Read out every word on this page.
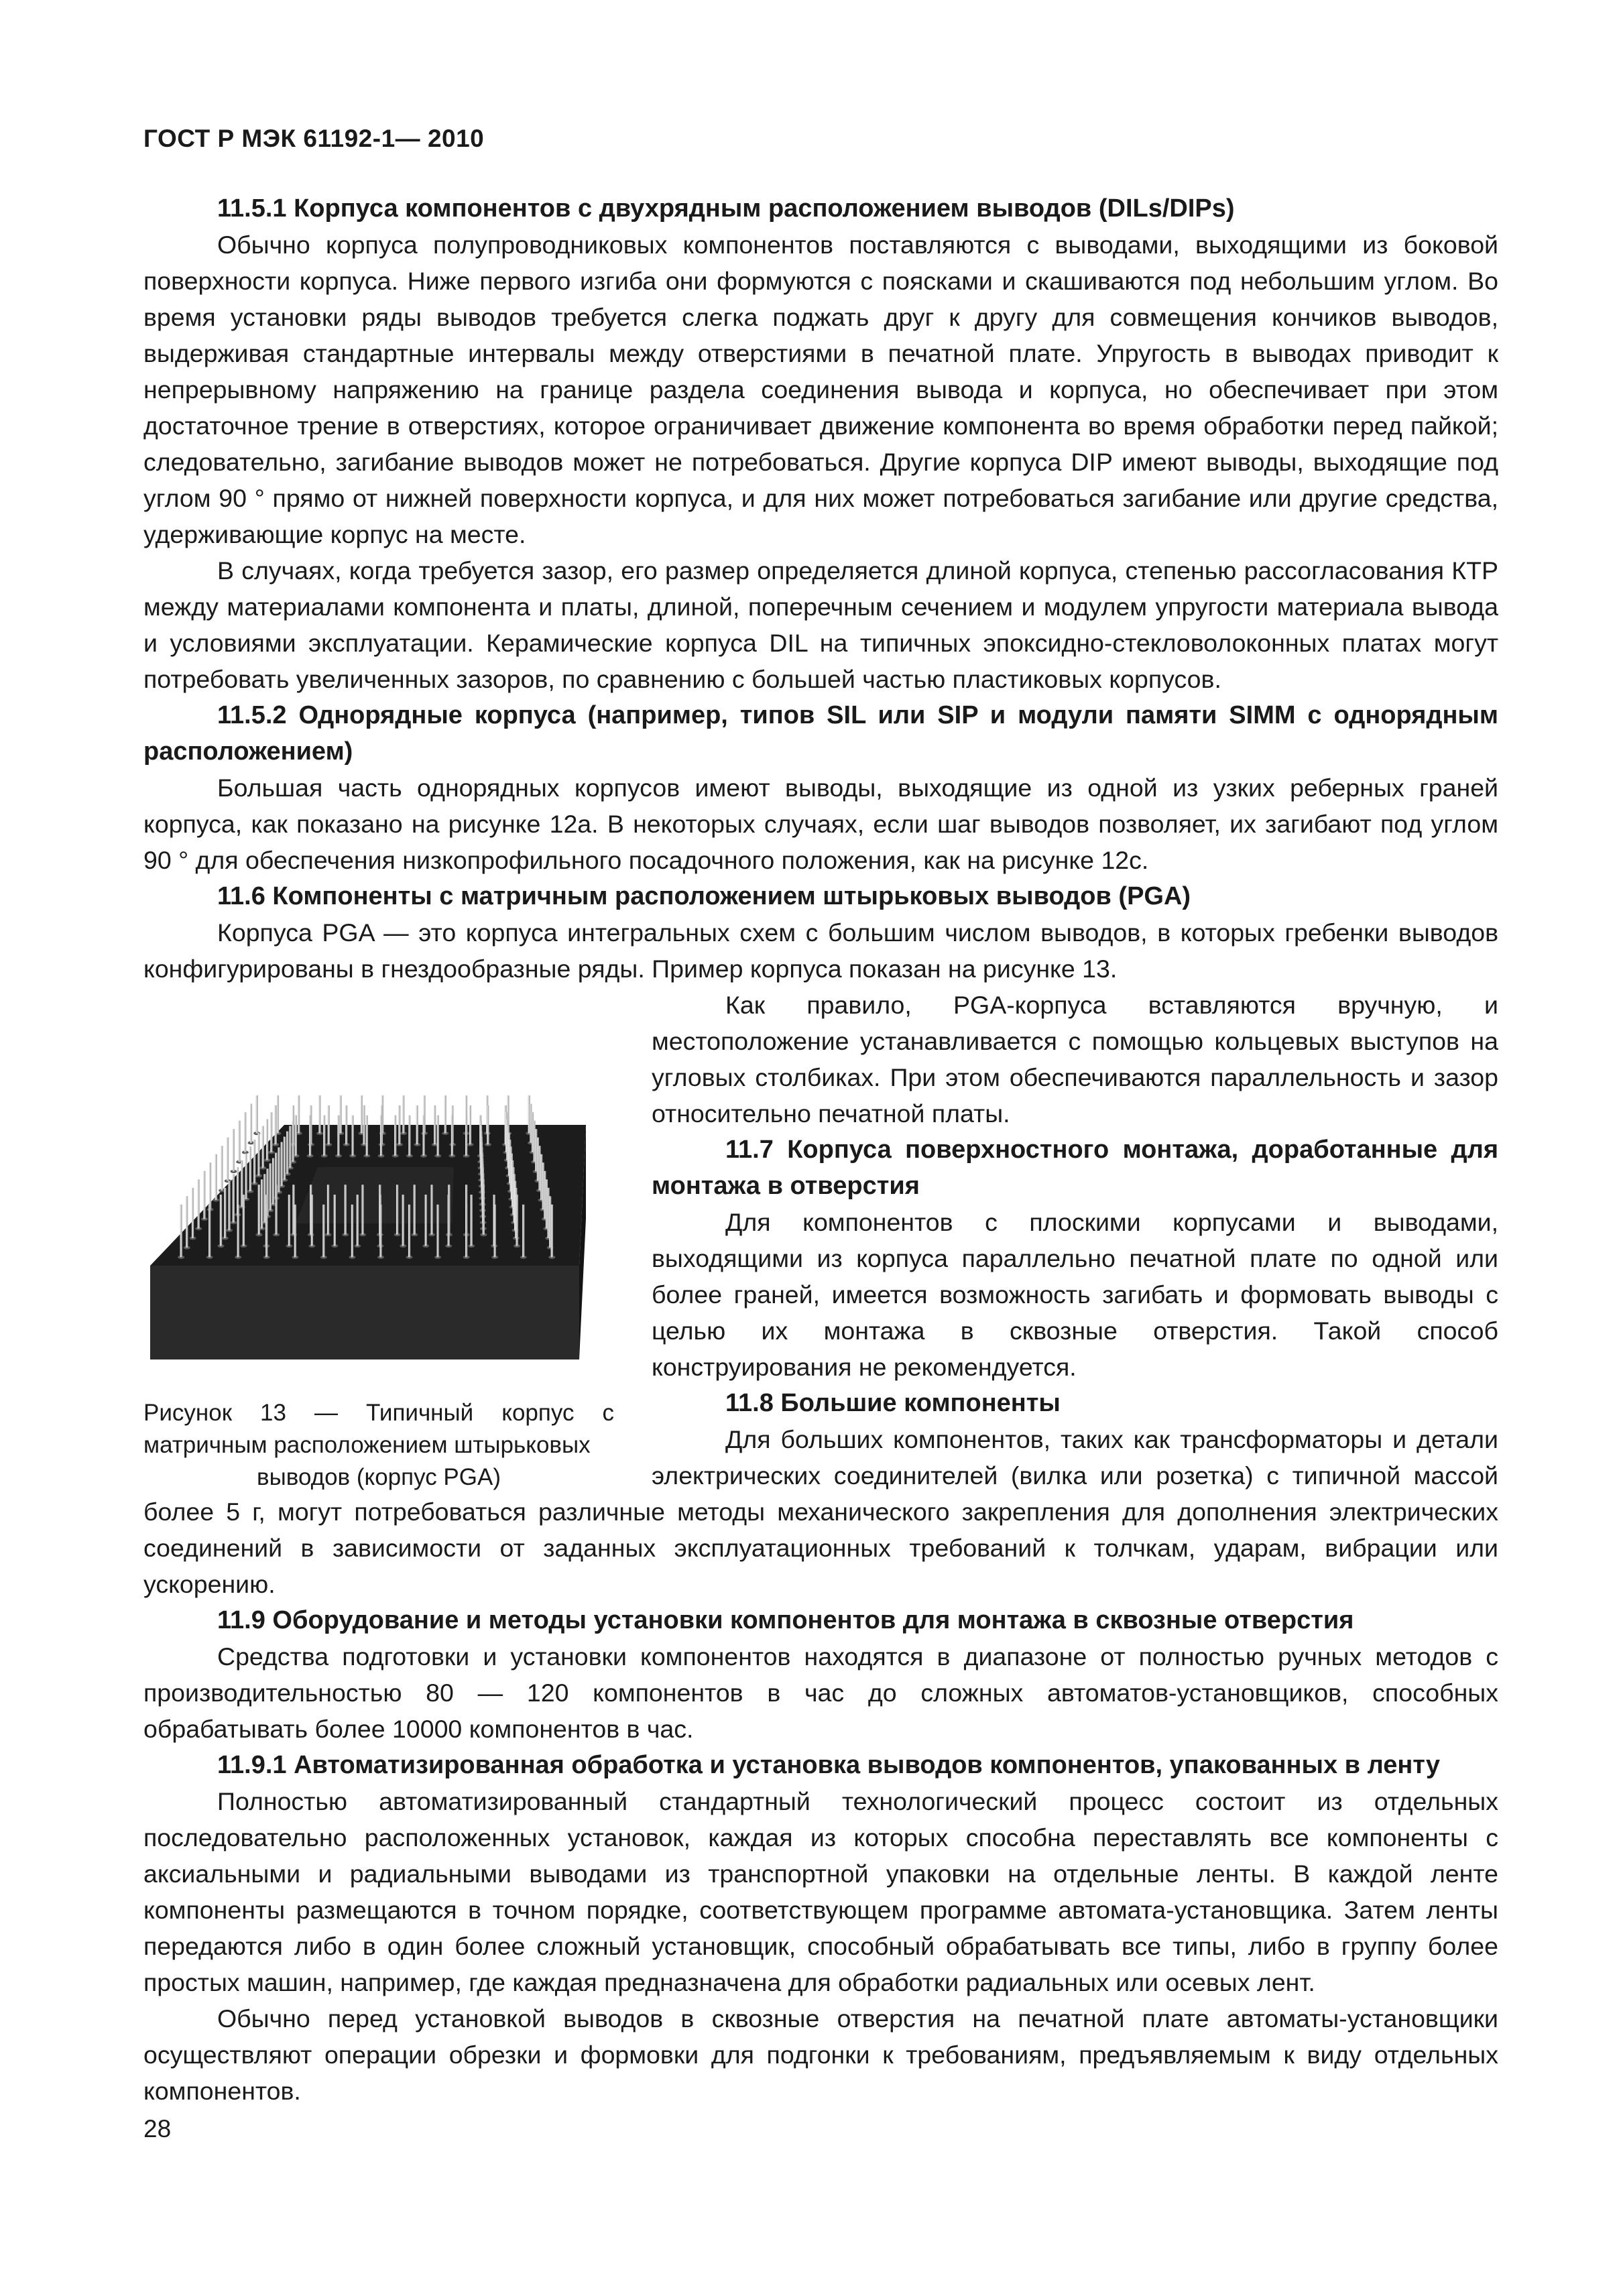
ГОСТ Р МЭК 61192-1— 2010

11.5.1 Корпуса компонентов с двухрядным расположением выводов (DILs/DIPs)

Обычно корпуса полупроводниковых компонентов поставляются с выводами, выходящими из боковой поверхности корпуса. Ниже первого изгиба они формуются с поясками и скашиваются под небольшим углом. Во время установки ряды выводов требуется слегка поджать друг к другу для совмещения кончиков выводов, выдерживая стандартные интервалы между отверстиями в печатной плате. Упругость в выводах приводит к непрерывному напряжению на границе раздела соединения вывода и корпуса, но обеспечивает при этом достаточное трение в отверстиях, которое ограничивает движение компонента во время обработки перед пайкой; следовательно, загибание выводов может не потребоваться. Другие корпуса DIP имеют выводы, выходящие под углом 90 ° прямо от нижней поверхности корпуса, и для них может потребоваться загибание или другие средства, удерживающие корпус на месте.

В случаях, когда требуется зазор, его размер определяется длиной корпуса, степенью рассогласования КТР между материалами компонента и платы, длиной, поперечным сечением и модулем упругости материала вывода и условиями эксплуатации. Керамические корпуса DIL на типичных эпоксидно-стекловолоконных платах могут потребовать увеличенных зазоров, по сравнению с большей частью пластиковых корпусов.

11.5.2 Однорядные корпуса (например, типов SIL или SIP и модули памяти SIMM с однорядным расположением)

Большая часть однорядных корпусов имеют выводы, выходящие из одной из узких реберных граней корпуса, как показано на рисунке 12a. В некоторых случаях, если шаг выводов позволяет, их загибают под углом 90 ° для обеспечения низкопрофильного посадочного положения, как на рисунке 12c.

11.6 Компоненты с матричным расположением штырьковых выводов (PGA)

Корпуса PGA — это корпуса интегральных схем с большим числом выводов, в которых гребенки выводов конфигурированы в гнездообразные ряды. Пример корпуса показан на рисунке 13.

Рисунок 13 — Типичный корпус с матричным расположением штырьковых
выводов (корпус PGA)

Как правило, PGA-корпуса вставляются вручную, и местоположение устанавливается с помощью кольцевых выступов на угловых столбиках. При этом обеспечиваются параллельность и зазор относительно печатной платы.

11.7 Корпуса поверхностного монтажа, доработанные для монтажа в отверстия

Для компонентов с плоскими корпусами и выводами, выходящими из корпуса параллельно печатной плате по одной или более граней, имеется возможность загибать и формовать выводы с целью их монтажа в сквозные отверстия. Такой способ конструирования не рекомендуется.

11.8 Большие компоненты

Для больших компонентов, таких как трансформаторы и детали электрических соединителей (вилка или розетка) с типичной массой более 5 г, могут потребоваться различные методы механического закрепления для дополнения электрических соединений в зависимости от заданных эксплуатационных требований к толчкам, ударам, вибрации или ускорению.

11.9 Оборудование и методы установки компонентов для монтажа в сквозные отверстия

Средства подготовки и установки компонентов находятся в диапазоне от полностью ручных методов с производительностью 80 — 120 компонентов в час до сложных автоматов-установщиков, способных обрабатывать более 10000 компонентов в час.

11.9.1 Автоматизированная обработка и установка выводов компонентов, упакованных в ленту

Полностью автоматизированный стандартный технологический процесс состоит из отдельных последовательно расположенных установок, каждая из которых способна переставлять все компоненты с аксиальными и радиальными выводами из транспортной упаковки на отдельные ленты. В каждой ленте компоненты размещаются в точном порядке, соответствующем программе автомата-установщика. Затем ленты передаются либо в один более сложный установщик, способный обрабатывать все типы, либо в группу более простых машин, например, где каждая предназначена для обработки радиальных или осевых лент.

Обычно перед установкой выводов в сквозные отверстия на печатной плате автоматы-установщики осуществляют операции обрезки и формовки для подгонки к требованиям, предъявляемым к виду отдельных компонентов.

28
